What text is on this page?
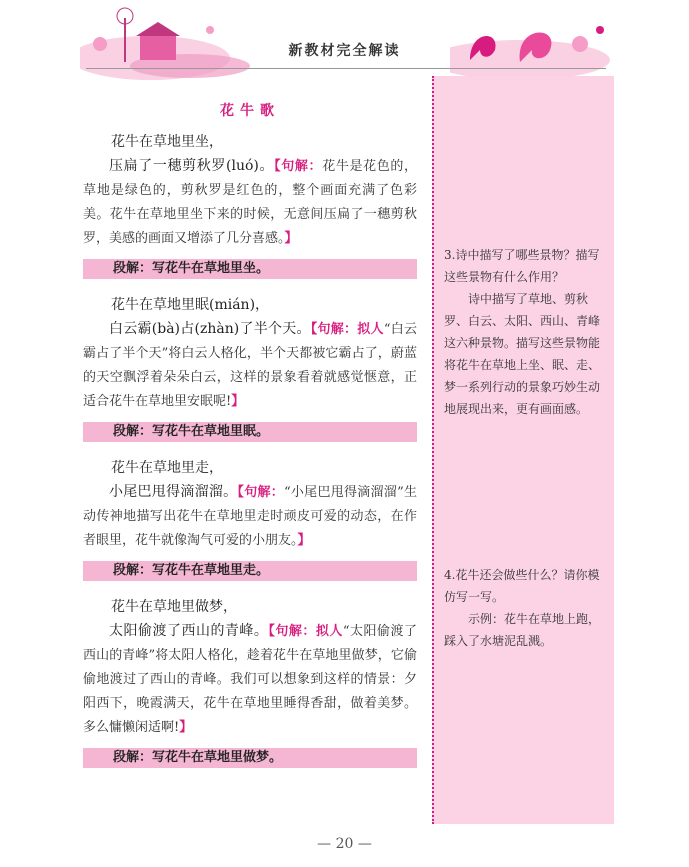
新教材完全解读

花牛歌

花牛在草地里坐，

压扁了一穗剪秋罗(luó)。【句解：花牛是花色的，草地是绿色的，剪秋罗是红色的，整个画面充满了色彩美。花牛在草地里坐下来的时候，无意间压扁了一穗剪秋罗，美感的画面又增添了几分喜感。】

段解：写花牛在草地里坐。

花牛在草地里眠(mián)，

白云霸(bà)占(zhàn)了半个天。【句解：拟人“白云霸占了半个天”将白云人格化，半个天都被它霸占了，蔚蓝的天空飘浮着朵朵白云，这样的景象看着就感觉惬意，正适合花牛在草地里安眠呢!】

段解：写花牛在草地里眠。

花牛在草地里走，

小尾巴甩得滴溜溜。【句解：“小尾巴甩得滴溜溜”生动传神地描写出花牛在草地里走时顽皮可爱的动态，在作者眼里，花牛就像淘气可爱的小朋友。】

段解：写花牛在草地里走。

花牛在草地里做梦，

太阳偷渡了西山的青峰。【句解：拟人“太阳偷渡了西山的青峰”将太阳人格化，趁着花牛在草地里做梦，它偷偷地渡过了西山的青峰。我们可以想象到这样的情景：夕阳西下，晚霞满天，花牛在草地里睡得香甜，做着美梦。多么慵懒闲适啊!】

段解：写花牛在草地里做梦。

3.诗中描写了哪些景物？描写这些景物有什么作用？

诗中描写了草地、剪秋罗、白云、太阳、西山、青峰这六种景物。描写这些景物能将花牛在草地上坐、眠、走、梦一系列行动的景象巧妙生动地展现出来，更有画面感。

4.花牛还会做些什么？请你模仿写一写。

示例：花牛在草地上跑，踩入了水塘泥乱溅。

— 20 —
